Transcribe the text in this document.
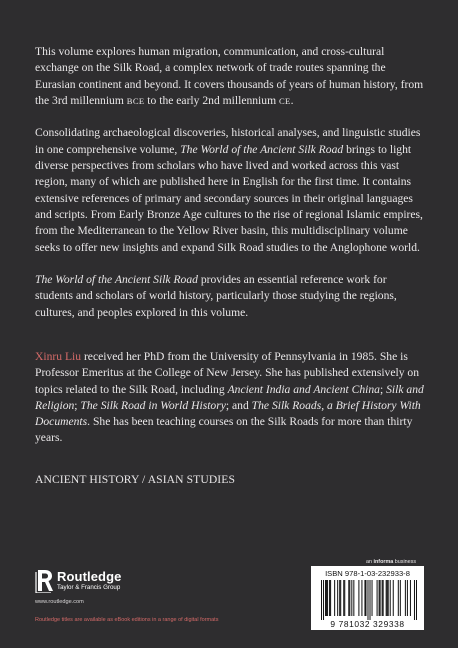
This volume explores human migration, communication, and cross-cultural exchange on the Silk Road, a complex network of trade routes spanning the Eurasian continent and beyond. It covers thousands of years of human history, from the 3rd millennium BCE to the early 2nd millennium CE.

Consolidating archaeological discoveries, historical analyses, and linguistic studies in one comprehensive volume, The World of the Ancient Silk Road brings to light diverse perspectives from scholars who have lived and worked across this vast region, many of which are published here in English for the first time. It contains extensive references of primary and secondary sources in their original languages and scripts. From Early Bronze Age cultures to the rise of regional Islamic empires, from the Mediterranean to the Yellow River basin, this multidisciplinary volume seeks to offer new insights and expand Silk Road studies to the Anglophone world.

The World of the Ancient Silk Road provides an essential reference work for students and scholars of world history, particularly those studying the regions, cultures, and peoples explored in this volume.

Xinru Liu received her PhD from the University of Pennsylvania in 1985. She is Professor Emeritus at the College of New Jersey. She has published extensively on topics related to the Silk Road, including Ancient India and Ancient China; Silk and Religion; The Silk Road in World History; and The Silk Roads, a Brief History With Documents. She has been teaching courses on the Silk Roads for more than thirty years.

ANCIENT HISTORY / ASIAN STUDIES
an informa business
Routledge
Taylor & Francis Group
www.routledge.com
Routledge titles are available as eBook editions in a range of digital formats
ISBN 978-1-03-232933-8
9 781032 329338
